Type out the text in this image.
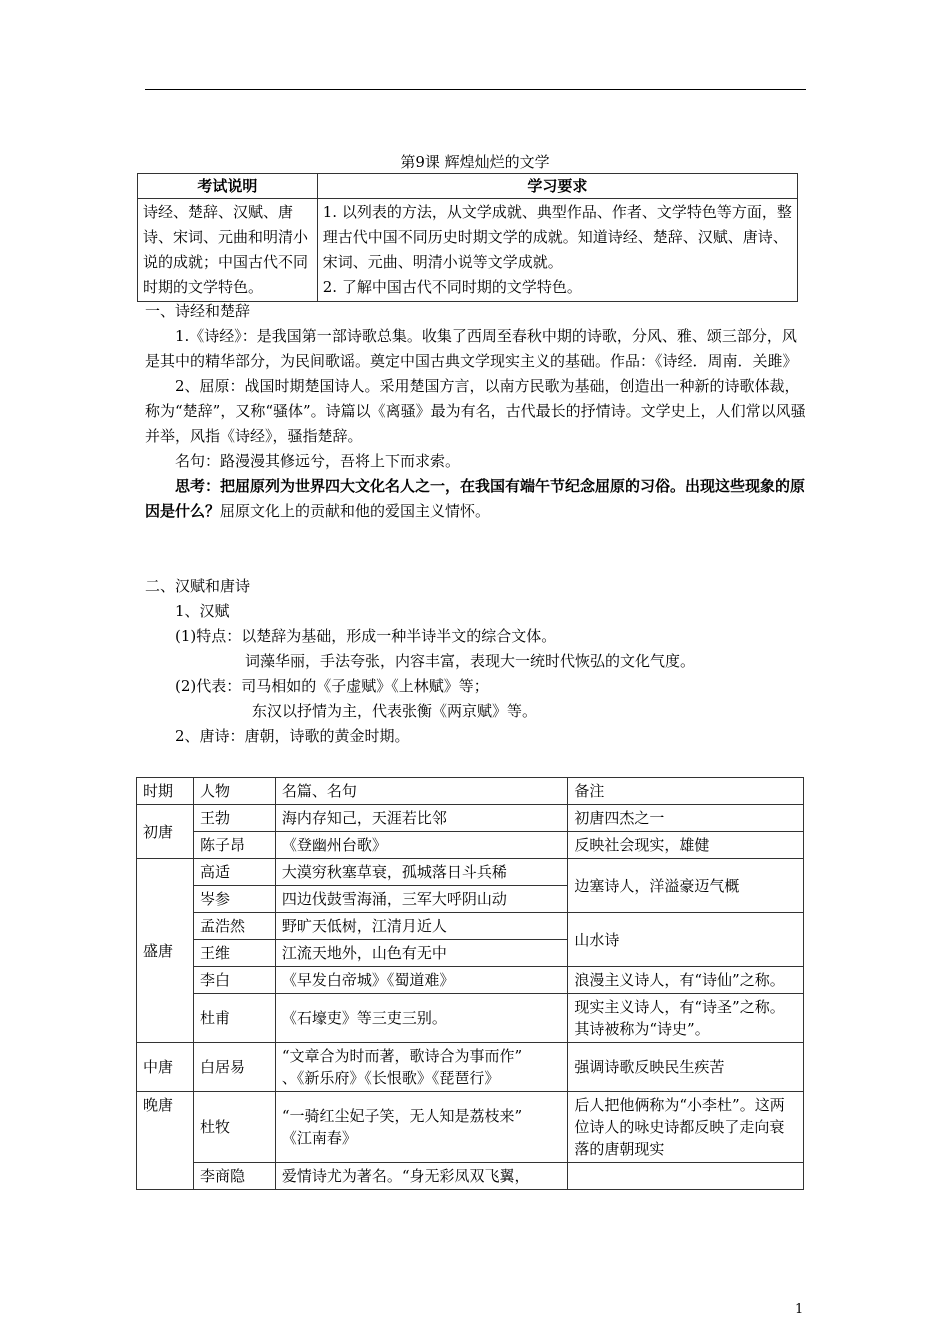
第9课 辉煌灿烂的文学
考试说明	学习要求
诗经、楚辞、汉赋、唐诗、宋词、元曲和明清小说的成就；中国古代不同时期的文学特色。	1. 以列表的方法，从文学成就、典型作品、作者、文学特色等方面，整理古代中国不同历史时期文学的成就。知道诗经、楚辞、汉赋、唐诗、宋词、元曲、明清小说等文学成就。
2. 了解中国古代不同时期的文学特色。

一、诗经和楚辞

1.《诗经》：是我国第一部诗歌总集。收集了西周至春秋中期的诗歌，分风、雅、颂三部分，风是其中的精华部分，为民间歌谣。奠定中国古典文学现实主义的基础。作品：《诗经．周南．关雎》

2、屈原：战国时期楚国诗人。采用楚国方言，以南方民歌为基础，创造出一种新的诗歌体裁，称为“楚辞”，又称“骚体”。诗篇以《离骚》最为有名，古代最长的抒情诗。文学史上，人们常以风骚并举，风指《诗经》，骚指楚辞。

名句：路漫漫其修远兮，吾将上下而求索。

思考：把屈原列为世界四大文化名人之一，在我国有端午节纪念屈原的习俗。出现这些现象的原因是什么？屈原文化上的贡献和他的爱国主义情怀。

二、汉赋和唐诗

1、汉赋

(1)特点：以楚辞为基础，形成一种半诗半文的综合文体。

词藻华丽，手法夸张，内容丰富，表现大一统时代恢弘的文化气度。

(2)代表：司马相如的《子虚赋》《上林赋》等；

东汉以抒情为主，代表张衡《两京赋》等。

2、唐诗：唐朝，诗歌的黄金时期。

时期	人物	名篇、名句	备注
初唐	王勃	海内存知己，天涯若比邻	初唐四杰之一
	陈子昂	《登幽州台歌》	反映社会现实，雄健
盛唐	高适	大漠穷秋塞草衰，孤城落日斗兵稀	边塞诗人，洋溢豪迈气概
	岑参	四边伐鼓雪海涌，三军大呼阴山动	
	孟浩然	野旷天低树，江清月近人	山水诗
	王维	江流天地外，山色有无中	
	李白	《早发白帝城》《蜀道难》	浪漫主义诗人，有“诗仙”之称。
	杜甫	《石壕吏》等三吏三别。	现实主义诗人，有“诗圣”之称。其诗被称为“诗史”。
中唐	白居易	“文章合为时而著，歌诗合为事而作”
、《新乐府》《长恨歌》《琵琶行》	强调诗歌反映民生疾苦
晚唐	杜牧	“一骑红尘妃子笑，无人知是荔枝来”
《江南春》	后人把他俩称为“小李杜”。这两位诗人的咏史诗都反映了走向衰落的唐朝现实
	李商隐	爱情诗尤为著名。“身无彩凤双飞翼，	
1
